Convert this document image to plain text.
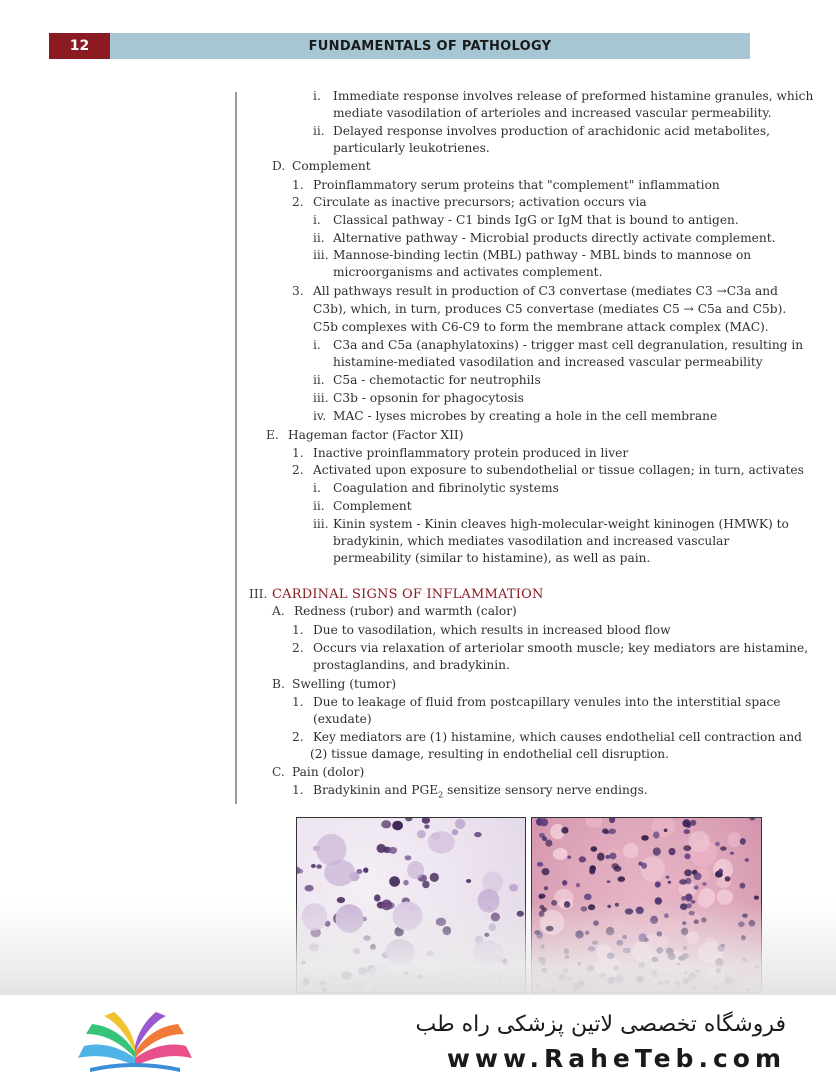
12	FUNDAMENTALS OF PATHOLOGY
i. Immediate response involves release of preformed histamine granules, which
mediate vasodilation of arterioles and increased vascular permeability.
ii. Delayed response involves production of arachidonic acid metabolites,
particularly leukotrienes.
D. Complement
1. Proinflammatory serum proteins that "complement" inflammation
2. Circulate as inactive precursors; activation occurs via
i. Classical pathway - C1 binds IgG or IgM that is bound to antigen.
ii. Alternative pathway - Microbial products directly activate complement.
iii. Mannose-binding lectin (MBL) pathway - MBL binds to mannose on
microorganisms and activates complement.
3. All pathways result in production of C3 convertase (mediates C3 →C3a and
C3b), which, in turn, produces C5 convertase (mediates C5 → C5a and C5b).
C5b complexes with C6-C9 to form the membrane attack complex (MAC).
i. C3a and C5a (anaphylatoxins) - trigger mast cell degranulation, resulting in
histamine-mediated vasodilation and increased vascular permeability
ii. C5a - chemotactic for neutrophils
iii. C3b - opsonin for phagocytosis
iv. MAC - lyses microbes by creating a hole in the cell membrane
E. Hageman factor (Factor XII)
1. Inactive proinflammatory protein produced in liver
2. Activated upon exposure to subendothelial or tissue collagen; in turn, activates
i. Coagulation and fibrinolytic systems
ii. Complement
iii. Kinin system - Kinin cleaves high-molecular-weight kininogen (HMWK) to
bradykinin, which mediates vasodilation and increased vascular
permeability (similar to histamine), as well as pain.
III. CARDINAL SIGNS OF INFLAMMATION
A. Redness (rubor) and warmth (calor)
1. Due to vasodilation, which results in increased blood flow
2. Occurs via relaxation of arteriolar smooth muscle; key mediators are histamine,
prostaglandins, and bradykinin.
B. Swelling (tumor)
1. Due to leakage of fluid from postcapillary venules into the interstitial space
(exudate)
2. Key mediators are (1) histamine, which causes endothelial cell contraction and
(2) tissue damage, resulting in endothelial cell disruption.
C. Pain (dolor)
1. Bradykinin and $PGE_2$ sensitize sensory nerve endings.
فروشگاه تخصصی لاتین پزشکی راه طب
www.RaheTeb.com
